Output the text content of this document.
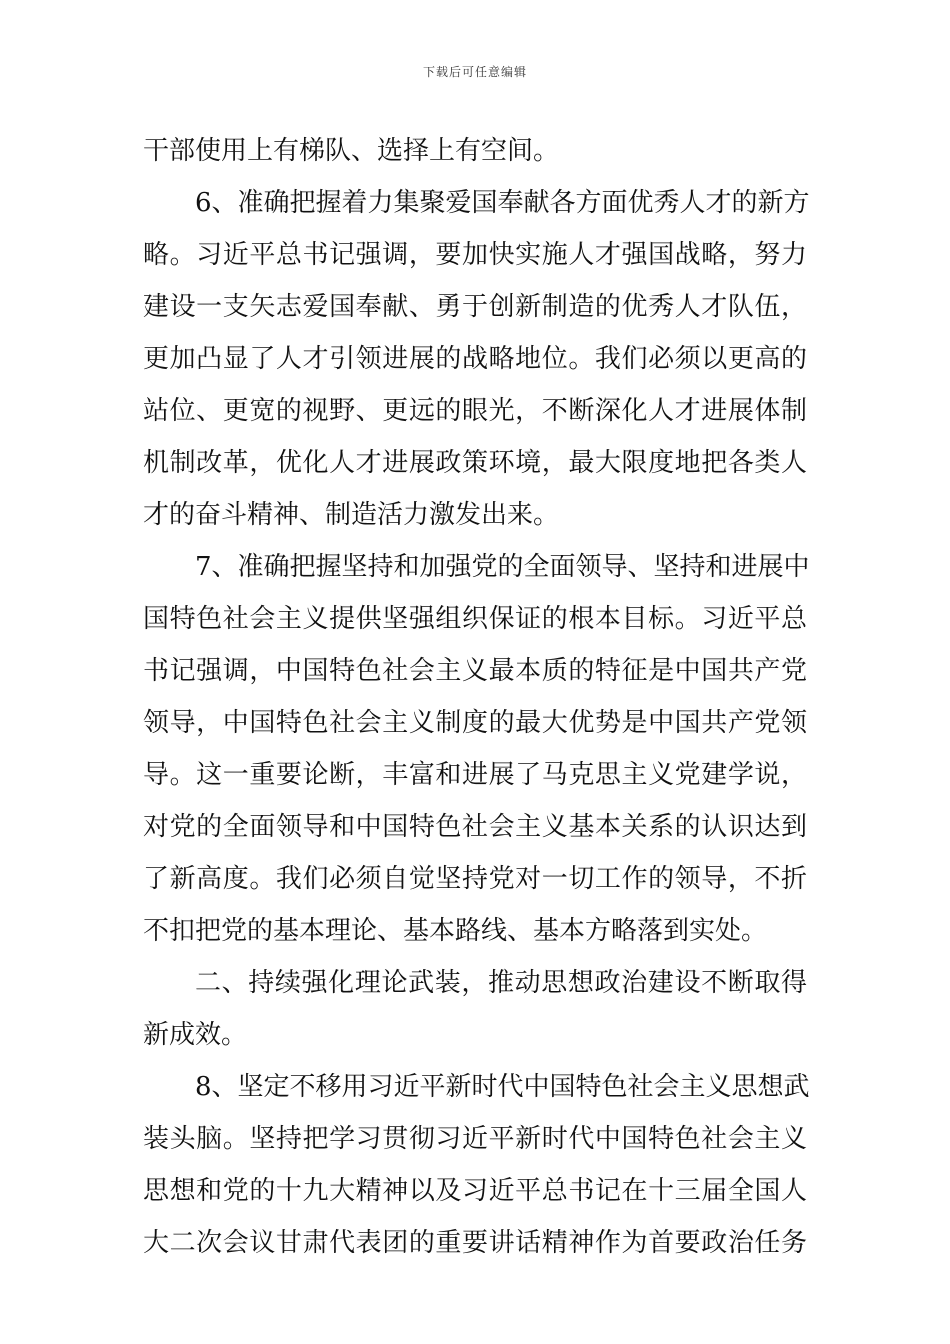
下载后可任意编辑
干部使用上有梯队、选择上有空间。
6、准确把握着力集聚爱国奉献各方面优秀人才的新方
略。习近平总书记强调，要加快实施人才强国战略，努力
建设一支矢志爱国奉献、勇于创新制造的优秀人才队伍，
更加凸显了人才引领进展的战略地位。我们必须以更高的
站位、更宽的视野、更远的眼光，不断深化人才进展体制
机制改革，优化人才进展政策环境，最大限度地把各类人
才的奋斗精神、制造活力激发出来。
7、准确把握坚持和加强党的全面领导、坚持和进展中
国特色社会主义提供坚强组织保证的根本目标。习近平总
书记强调，中国特色社会主义最本质的特征是中国共产党
领导，中国特色社会主义制度的最大优势是中国共产党领
导。这一重要论断，丰富和进展了马克思主义党建学说，
对党的全面领导和中国特色社会主义基本关系的认识达到
了新高度。我们必须自觉坚持党对一切工作的领导，不折
不扣把党的基本理论、基本路线、基本方略落到实处。
二、持续强化理论武装，推动思想政治建设不断取得
新成效。
8、坚定不移用习近平新时代中国特色社会主义思想武
装头脑。坚持把学习贯彻习近平新时代中国特色社会主义
思想和党的十九大精神以及习近平总书记在十三届全国人
大二次会议甘肃代表团的重要讲话精神作为首要政治任务
